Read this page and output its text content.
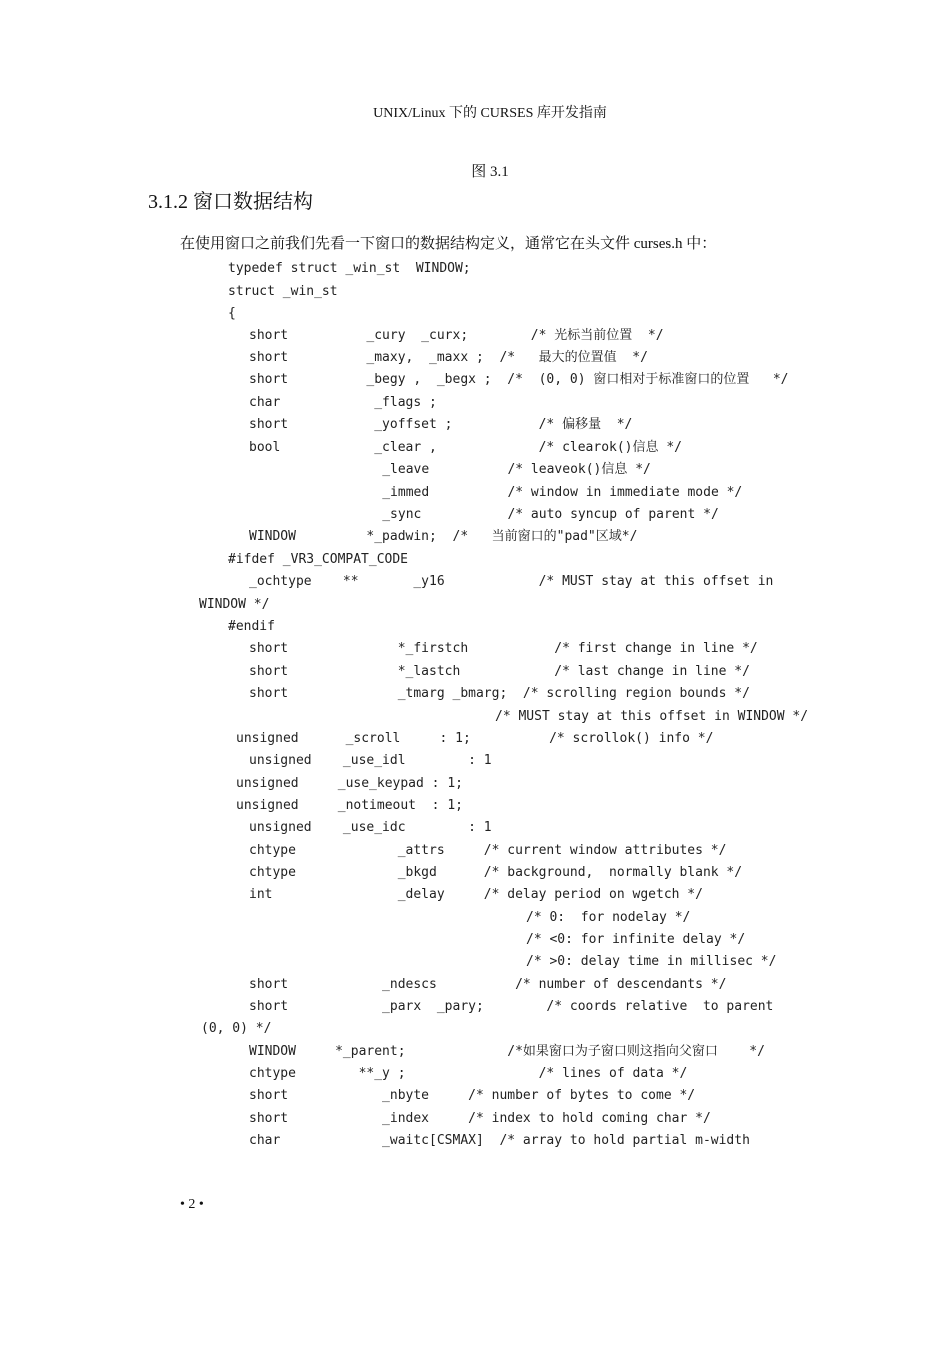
UNIX/Linux 下的 CURSES 库开发指南
图 3.1
3.1.2 窗口数据结构
在使用窗口之前我们先看一下窗口的数据结构定义，通常它在头文件 curses.h 中：
typedef struct _win_st  WINDOW;
struct _win_st
{
short          _cury  _curx;        /* 光标当前位置  */
short          _maxy,  _maxx ;  /*   最大的位置值  */
short          _begy ,  _begx ;  /*  (0, 0) 窗口相对于标准窗口的位置   */
char            _flags ;
short           _yoffset ;           /* 偏移量  */
bool            _clear ,             /* clearok()信息 */
_leave          /* leaveok()信息 */
_immed          /* window in immediate mode */
_sync           /* auto syncup of parent */
WINDOW         *_padwin;  /*   当前窗口的"pad"区域*/
#ifdef _VR3_COMPAT_CODE
_ochtype    **       _y16            /* MUST stay at this offset in
WINDOW */
#endif
short              *_firstch           /* first change in line */
short              *_lastch            /* last change in line */
short              _tmarg _bmarg;  /* scrolling region bounds */
/* MUST stay at this offset in WINDOW */
unsigned      _scroll     : 1;          /* scrollok() info */
unsigned    _use_idl        : 1
unsigned     _use_keypad : 1;
unsigned     _notimeout  : 1;
unsigned    _use_idc        : 1
chtype             _attrs     /* current window attributes */
chtype             _bkgd      /* background,  normally blank */
int                _delay     /* delay period on wgetch */
/* 0:  for nodelay */
/* <0: for infinite delay */
/* >0: delay time in millisec */
short            _ndescs          /* number of descendants */
short            _parx  _pary;        /* coords relative  to parent
(0, 0) */
WINDOW     *_parent;             /*如果窗口为子窗口则这指向父窗口    */
chtype        **_y ;                 /* lines of data */
short            _nbyte     /* number of bytes to come */
short            _index     /* index to hold coming char */
char             _waitc[CSMAX]  /* array to hold partial m-width
• 2 •
